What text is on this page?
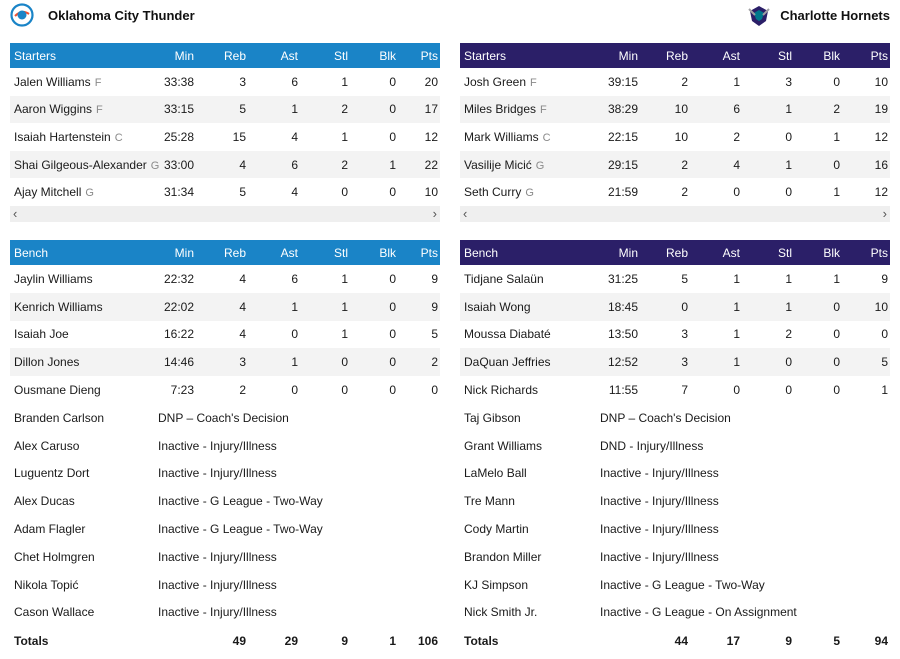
Oklahoma City Thunder	Charlotte Hornets
Starters	Min	Reb	Ast	Stl	Blk	Pts
Jalen Williams F	33:38	3	6	1	0	20
Aaron Wiggins F	33:15	5	1	2	0	17
Isaiah Hartenstein C	25:28	15	4	1	0	12
Shai Gilgeous-Alexander G	33:00	4	6	2	1	22
Ajay Mitchell G	31:34	5	4	0	0	10
‹	›
Starters	Min	Reb	Ast	Stl	Blk	Pts
Josh Green F	39:15	2	1	3	0	10
Miles Bridges F	38:29	10	6	1	2	19
Mark Williams C	22:15	10	2	0	1	12
Vasilije Micić G	29:15	2	4	1	0	16
Seth Curry G	21:59	2	0	0	1	12
‹	›
Bench	Min	Reb	Ast	Stl	Blk	Pts
Jaylin Williams	22:32	4	6	1	0	9
Kenrich Williams	22:02	4	1	1	0	9
Isaiah Joe	16:22	4	0	1	0	5
Dillon Jones	14:46	3	1	0	0	2
Ousmane Dieng	7:23	2	0	0	0	0
Branden Carlson	DNP – Coach's Decision					
Alex Caruso	Inactive - Injury/Illness					
Luguentz Dort	Inactive - Injury/Illness					
Alex Ducas	Inactive - G League - Two-Way					
Adam Flagler	Inactive - G League - Two-Way					
Chet Holmgren	Inactive - Injury/Illness					
Nikola Topić	Inactive - Injury/Illness					
Cason Wallace	Inactive - Injury/Illness					
Totals		49	29	9	1	106
Bench	Min	Reb	Ast	Stl	Blk	Pts
Tidjane Salaün	31:25	5	1	1	1	9
Isaiah Wong	18:45	0	1	1	0	10
Moussa Diabaté	13:50	3	1	2	0	0
DaQuan Jeffries	12:52	3	1	0	0	5
Nick Richards	11:55	7	0	0	0	1
Taj Gibson	DNP – Coach's Decision					
Grant Williams	DND - Injury/Illness					
LaMelo Ball	Inactive - Injury/Illness					
Tre Mann	Inactive - Injury/Illness					
Cody Martin	Inactive - Injury/Illness					
Brandon Miller	Inactive - Injury/Illness					
KJ Simpson	Inactive - G League - Two-Way					
Nick Smith Jr.	Inactive - G League - On Assignment					
Totals		44	17	9	5	94
